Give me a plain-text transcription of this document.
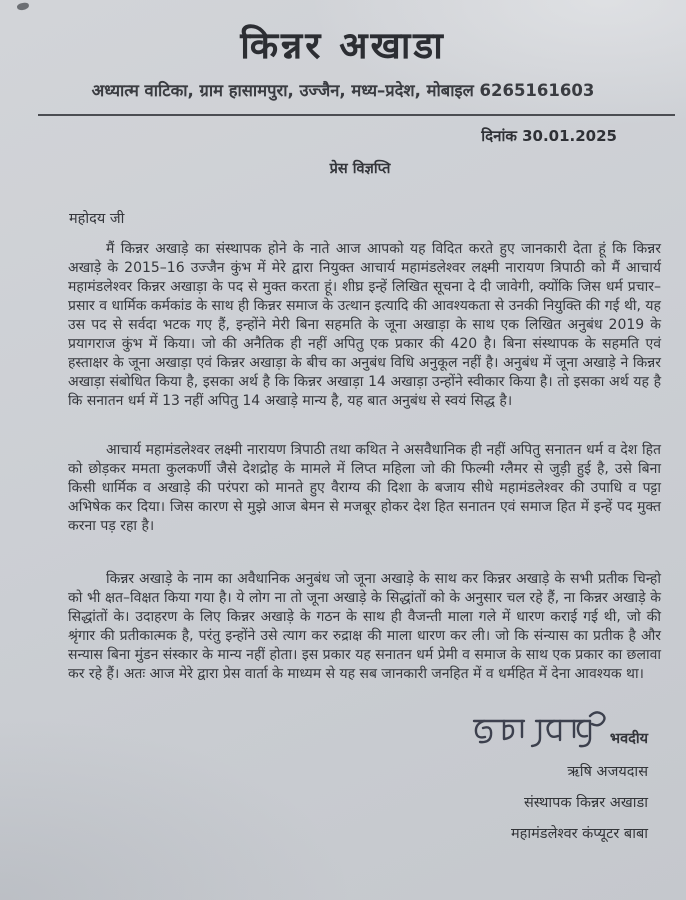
किन्नर अखाडा
अध्यात्म वाटिका, ग्राम हासामपुरा, उज्जैन, मध्य–प्रदेश, मोबाइल 6265161603
दिनांक 30.01.2025
प्रेस विज्ञप्ति
महोदय जी

मैं किन्नर अखाड़े का संस्थापक होने के नाते आज आपको यह विदित करते हुए जानकारी देता हूं कि किन्नर अखाड़े के 2015–16 उज्जैन कुंभ में मेरे द्वारा नियुक्त आचार्य महामंडलेश्वर लक्ष्मी नारायण त्रिपाठी को मैं आचार्य महामंडलेश्वर किन्नर अखाड़ा के पद से मुक्त करता हूं। शीघ्र इन्हें लिखित सूचना दे दी जावेगी, क्योंकि जिस धर्म प्रचार–प्रसार व धार्मिक कर्मकांड के साथ ही किन्नर समाज के उत्थान इत्यादि की आवश्यकता से उनकी नियुक्ति की गई थी, यह उस पद से सर्वदा भटक गए हैं, इन्होंने मेरी बिना सहमति के जूना अखाड़ा के साथ एक लिखित अनुबंध 2019 के प्रयागराज कुंभ में किया। जो की अनैतिक ही नहीं अपितु एक प्रकार की 420 है। बिना संस्थापक के सहमति एवं हस्ताक्षर के जूना अखाड़ा एवं किन्नर अखाड़ा के बीच का अनुबंध विधि अनुकूल नहीं है। अनुबंध में जूना अखाड़े ने किन्नर अखाड़ा संबोधित किया है, इसका अर्थ है कि किन्नर अखाड़ा 14 अखाड़ा उन्होंने स्वीकार किया है। तो इसका अर्थ यह है कि सनातन धर्म में 13 नहीं अपितु 14 अखाड़े मान्य है, यह बात अनुबंध से स्वयं सिद्ध है।

आचार्य महामंडलेश्वर लक्ष्मी नारायण त्रिपाठी तथा कथित ने असवैधानिक ही नहीं अपितु सनातन धर्म व देश हित को छोड़कर ममता कुलकर्णी जैसे देशद्रोह के मामले में लिप्त महिला जो की फिल्मी ग्लैमर से जुड़ी हुई है, उसे बिना किसी धार्मिक व अखाड़े की परंपरा को मानते हुए वैराग्य की दिशा के बजाय सीधे महामंडलेश्वर की उपाधि व पट्टा अभिषेक कर दिया। जिस कारण से मुझे आज बेमन से मजबूर होकर देश हित सनातन एवं समाज हित में इन्हें पद मुक्त करना पड़ रहा है।

किन्नर अखाड़े के नाम का अवैधानिक अनुबंध जो जूना अखाड़े के साथ कर किन्नर अखाड़े के सभी प्रतीक चिन्हो को भी क्षत–विक्षत किया गया है। ये लोग ना तो जूना अखाड़े के सिद्धांतों को के अनुसार चल रहे हैं, ना किन्नर अखाड़े के सिद्धांतों के। उदाहरण के लिए किन्नर अखाड़े के गठन के साथ ही वैजन्ती माला गले में धारण कराई गई थी, जो की श्रृंगार की प्रतीकात्मक है, परंतु इन्होंने उसे त्याग कर रुद्राक्ष की माला धारण कर ली। जो कि संन्यास का प्रतीक है और सन्यास बिना मुंडन संस्कार के मान्य नहीं होता। इस प्रकार यह सनातन धर्म प्रेमी व समाज के साथ एक प्रकार का छलावा कर रहे हैं। अतः आज मेरे द्वारा प्रेस वार्ता के माध्यम से यह सब जानकारी जनहित में व धर्महित में देना आवश्यक था।

भवदीय
ऋषि अजयदास
संस्थापक किन्नर अखाडा
महामंडलेश्वर कंप्यूटर बाबा
